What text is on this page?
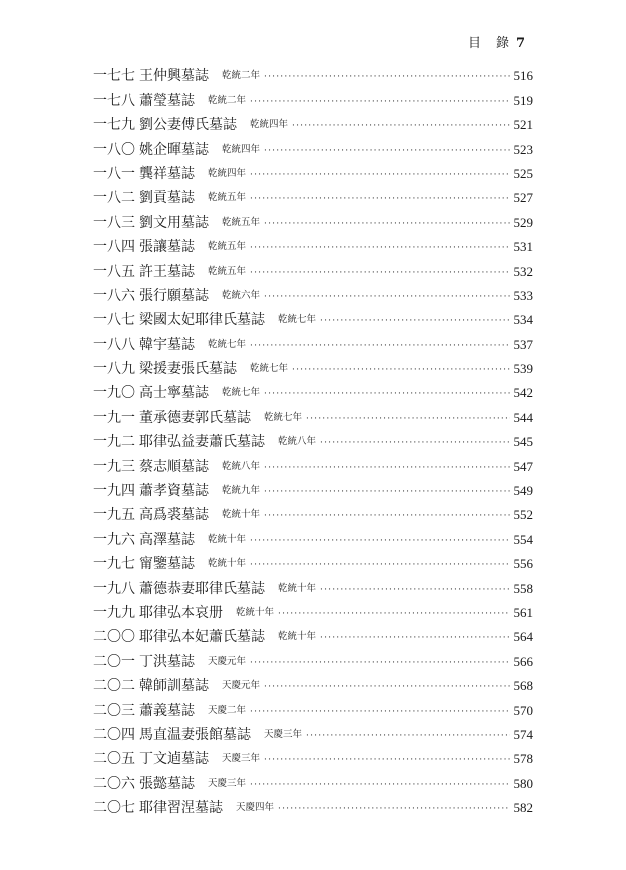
目　錄 7
一七七 王仲興墓誌 乾統二年 ·····	516
一七八 蕭瑩墓誌 乾統二年 ·····	519
一七九 劉公妻傅氏墓誌 乾統四年 ·····	521
一八〇 姚企暉墓誌 乾統四年 ·····	523
一八一 龔祥墓誌 乾統四年 ·····	525
一八二 劉貢墓誌 乾統五年 ·····	527
一八三 劉文用墓誌 乾統五年 ·····	529
一八四 張讓墓誌 乾統五年 ·····	531
一八五 許王墓誌 乾統五年 ·····	532
一八六 張行願墓誌 乾統六年 ·····	533
一八七 梁國太妃耶律氏墓誌 乾統七年 ·····	534
一八八 韓宇墓誌 乾統七年 ·····	537
一八九 梁援妻張氏墓誌 乾統七年 ·····	539
一九〇 高士寧墓誌 乾統七年 ·····	542
一九一 董承德妻郭氏墓誌 乾統七年 ·····	544
一九二 耶律弘益妻蕭氏墓誌 乾統八年 ·····	545
一九三 蔡志順墓誌 乾統八年 ·····	547
一九四 蕭孝資墓誌 乾統九年 ·····	549
一九五 高爲裘墓誌 乾統十年 ·····	552
一九六 高澤墓誌 乾統十年 ·····	554
一九七 甯鑒墓誌 乾統十年 ·····	556
一九八 蕭德恭妻耶律氏墓誌 乾統十年 ·····	558
一九九 耶律弘本哀册 乾統十年 ·····	561
二〇〇 耶律弘本妃蕭氏墓誌 乾統十年 ·····	564
二〇一 丁洪墓誌 天慶元年 ·····	566
二〇二 韓師訓墓誌 天慶元年 ·····	568
二〇三 蕭義墓誌 天慶二年 ·····	570
二〇四 馬直温妻張館墓誌 天慶三年 ·····	574
二〇五 丁文逌墓誌 天慶三年 ·····	578
二〇六 張懿墓誌 天慶三年 ·····	580
二〇七 耶律習涅墓誌 天慶四年 ·····	582
